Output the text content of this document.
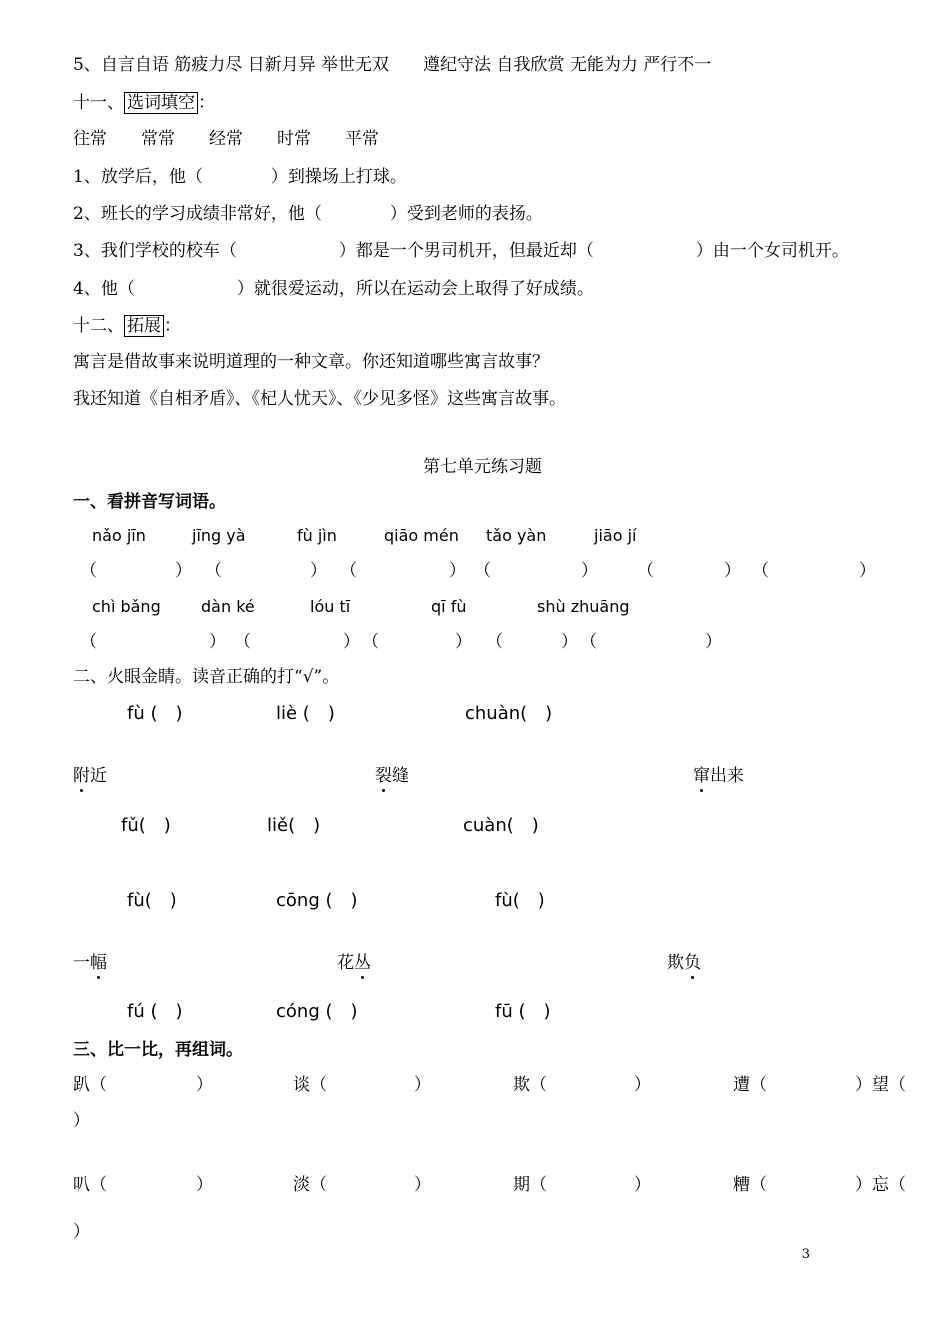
5、自言自语 筋疲力尽 日新月异 举世无双　　遵纪守法 自我欣赏 无能为力 严行不一
十一、 选词填空 ：
往常　　常常　　经常　　时常　　平常
1、放学后，他（　　　　）到操场上打球。
2、班长的学习成绩非常好，他（　　　　）受到老师的表扬。
3、我们学校的校车（　　　　　　）都是一个男司机开，但最近却（　　　　　　）由一个女司机开。
4、他（　　　　　　）就很爱运动，所以在运动会上取得了好成绩。
十二、 拓展 ：
寓言是借故事来说明道理的一种文章。你还知道哪些寓言故事？
我还知道《自相矛盾》、《杞人忧天》、《少见多怪》这些寓言故事。
第七单元练习题
一、看拼音写词语。
nǎo jīn	jīng yà	fù jìn	qiāo mén tǎo yàn	jiāo jí
（	） （	） （	） （	） （	） （	）
chì bǎng	dàn ké	lóu tī	qī fù	shù zhuāng
（	） （	） （	） （	） （	）
二、火眼金睛。读音正确的打“√”。
fù (　)	liè (　)	chuàn(　)
附近	裂缝	窜出来
fǔ(　)	liě(　)	cuàn(　)
fù(　)	cōng (　)	fù(　)
一幅	花丛	欺负
fú (　)	cóng (　)	fū (　)
三、比一比，再组词。
趴（	）	谈（	）	欺（	）	遭（	）望（
）
叭（	）	淡（	）	期（	）	糟（	）忘（
）
3
